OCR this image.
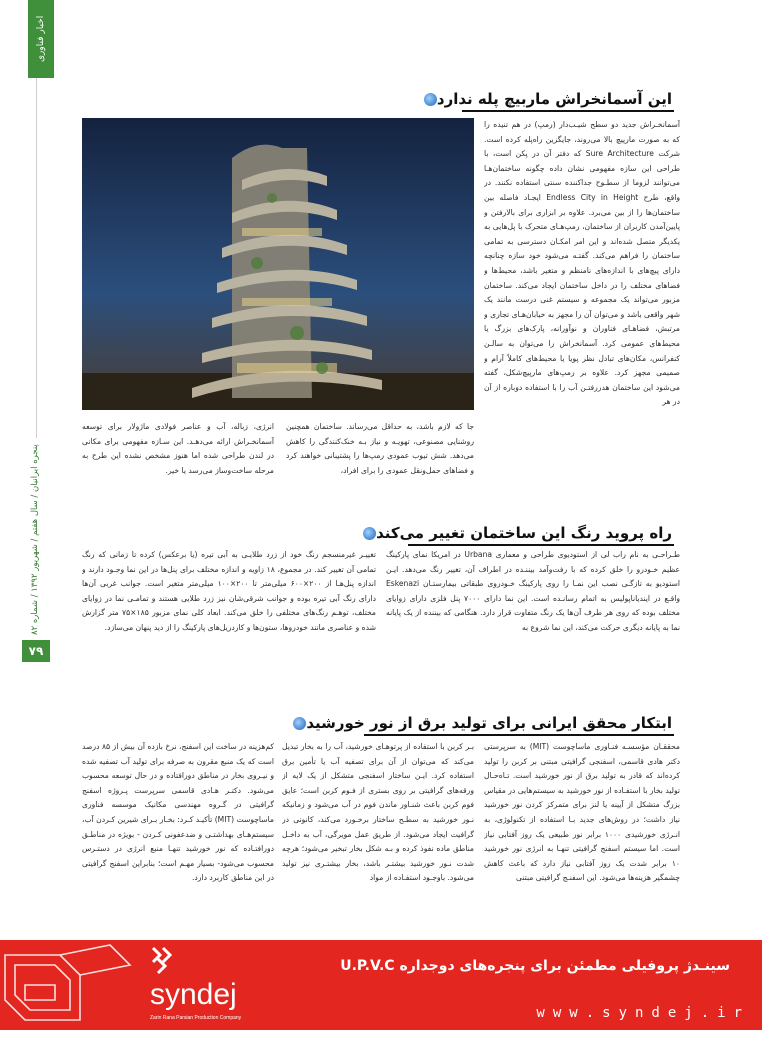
اخبار فناوری
پنجره ایرانیان / سال هفتم / شهریور ۱۳۹۲ / شماره ۸۲
۷۹
این آسمانخراش ماربیچ پله ندارد
آسمانخـراش جدید دو سطح شیـب‌دار (رمپ) در هم تنیده را که به صورت مارپیچ بالا می‌روند، جایگزین راه‌پله کرده است. شرکت Sure Architecture که دفتر آن در پکن است، با طراحی این سازه مفهومی نشان داده چگونه ساختمان‌هـا می‌توانند لزوما از سطـوح جداکننده سنتی استفاده نکنند. در واقع، طرح Endless City in Height ایجـاد فاصله بین ساختمان‌ها را از بین می‌برد. علاوه بر ابزاری برای بالارفتن و پایین‌آمدن کاربران از ساختمان، رمپ‌هـای متحرک با پل‌هایی به یکدیگر متصل شده‌اند و این امر امکـان دسترسی به تمامی ساختمان را فراهم می‌کند. گفتـه می‌شود خود سازه چنانچه دارای پیچ‌های با اندازه‌های نامنظم و متغیر باشد، محیط‌ها و فضاهای مختلف را در داخل ساختمان ایجاد می‌کند. ساختمان مزبور می‌تواند یک مجموعه و سیستم غنی درست مانند یک شهر واقعی باشد و می‌توان آن را مجهز به خیابان‌هـای تجاری و مرتبش، فضاهـای فناوران و نوآورانه، پارک‌های بزرگ یا محیط‌های عمومی کرد. آسمانخراش را می‌توان به سالـن کنفرانس، مکان‌های تبادل نظر پویا یا محیط‌های کاملاً آرام و صمیمی مجهز کرد. علاوه بر رمپ‌های مارپیچ‌شکل، گفته می‌شود این ساختمان هدررفتـن آب را با استفاده دوباره از آن در هر
جا که لازم باشد، به حداقل می‌رساند. ساختمان همچنین روشنایی مصنوعی، تهویـه و نیاز بـه خنک‌کنندگی را کاهش می‌دهد. شش تیوب عمودی رمپ‌ها را پشتیبانی خواهند کرد و فضاهای حمل‌ونقل عمودی را برای افراد،
انرژی، زباله، آب و عناصر فولادی ماژولار برای توسعه آسمانخـراش ارائه می‌دهـد. این سـازه مفهومی برای مکانی در لندن طراحی شده اما هنوز مشخص نشده این طرح به مرحله ساخت‌وساز می‌رسد یا خیر.
راه پروید رنگ این ساختمان تغییر می‌کند
طـراحـی به نام راب لی از استودیوی طراحی و معماری Urbana در امریکا نمای پارکینگ عظیم خـودرو را خلق کرده که با رفت‌وآمد بیننـده در اطراف آن، تغییر رنگ می‌دهد. ایـن استودیو به تازگـی نصب این نمـا را روی پارکینگ خـودروی طبقاتی بیمارستـان Eskenazi واقـع در ایندیاناپولیس به اتمام رسانـده است. این نما دارای ۷۰۰۰ پنل فلزی دارای زوایای مختلف بوده که روی هر طرف آن‌ها یک رنگ متفاوت قرار دارد. هنگامی که بیننده از یک پایانه نما به پایانه دیگری حرکت می‌کند، این نما شروع به
تغییـر غیرمنسجم رنگ خود از زرد طلایـی به آبی تیره (یا برعکس) کرده تا زمانی که رنگ تمامی آن تغییر کند. در مجموع، ۱۸ زاویه و اندازه مختلف برای پنل‌ها در این نما وجـود دارند و اندازه پنل‌هـا از ۲۰۰×۶۰۰ میلی‌متر تا ۲۰۰×۱۰۰ میلی‌متر متغیر است. جوانب غربی آن‌ها دارای رنگ آبی تیره بوده و جوانب شرقی‌شان نیز زرد طلایی هستند و تمامـی نما در زوایای مختلف، توهـم رنگ‌های مختلفی را خلق می‌کند. ابعاد کلی نمای مزبور ۱۸۵×۷۵ متر گزارش شده و عناصری مانند خودروها، ستون‌ها و کاردریل‌های پارکینگ را از دید پنهان می‌سازد.
ابتکار محقق ایرانی برای تولید برق از نور خورشید
محققـان مؤسسـه فنـاوری ماساچوست (MIT) به سرپرستی دکتر هادی قاسمی، اسفنجی گرافیتی مبتنی بر کربن را تولید کرده‌اند که قادر به تولید برق از نور خورشید است. تـاه‌حـال تولید بخار با استفـاده از نور خورشید به سیستم‌هایی در مقیاس بزرگ متشکل از آیینه یا لنز برای متمرکز کردن نور خورشید نیاز داشت؛ در روش‌های جدید بـا استفاده از تکنولوژی، به انـرژی خورشیدی ۱۰۰۰ برابر نور طبیعی یک روز آفتابی نیاز است. اما سیستم اسفنج گرافیتی تنهـا به انرژی نور خورشید ۱۰ برابر شدت یک روز آفتابی نیاز دارد که باعث کاهش چشمگیر هزینه‌ها می‌شود. این اسفنـج گرافیتی مبتنی
بـر کربن با استفاده از پرتوهـای خورشید، آب را به بخار تبدیل می‌کند که می‌توان از آن برای تصفیه آب یا تأمین برق استفاده کرد. ایـن ساختار اسفنجی متشکل از یک لایه از ورقه‌های گرافیتی بر روی بستری از فـوم کربن است؛ عایق فوم کربن باعث شنـاور ماندن فوم در آب می‌شود و زمانیکه نـور خورشید به سطـح ساختار برخـورد می‌کند، کانونی در گرافیت ایجاد می‌شود. از طریق عمل مویرگی، آب به داخـل مناطق ماده نفوذ کرده و بـه شکل بخار تبخیر می‌شود؛ هرچه شدت نـور خورشید بیشتـر باشد، بخار بیشتـری نیز تولید می‌شود. باوجـود استفـاده از مواد
کم‌هزینه در ساخت این اسفنج، نرخ بازده آن بیش از ۸۵ درصد است که یک منبع مقرون به صرفه برای تولید آب تصفیه شده و نیـروی بخار در مناطق دورافتاده و در حال توسعه محسوب می‌شود. دکتـر هـادی قاسمی سرپرست پـروژه اسفنج گرافیتی در گـروه مهندسی مکانیک موسسه فناوری ماساچوست (MIT) تأکیـد کـرد: بخـار بـرای شیرین کـردن آب، سیستم‌هـای بهداشتـی و ضدعفونی کـردن - بویژه در مناطـق دورافتـاده که نور خورشید تنهـا منبع انرژی در دستـرس محسوب می‌شود- بسیار مهـم است؛ بنابراین اسفنج گرافیتی در این مناطق کاربرد دارد.
syndej
Zarin Rana Parsian Production Company
سینـدژ پروفیلی مطمئن برای پنجره‌های دوجداره U.P.V.C
www.syndej.ir
